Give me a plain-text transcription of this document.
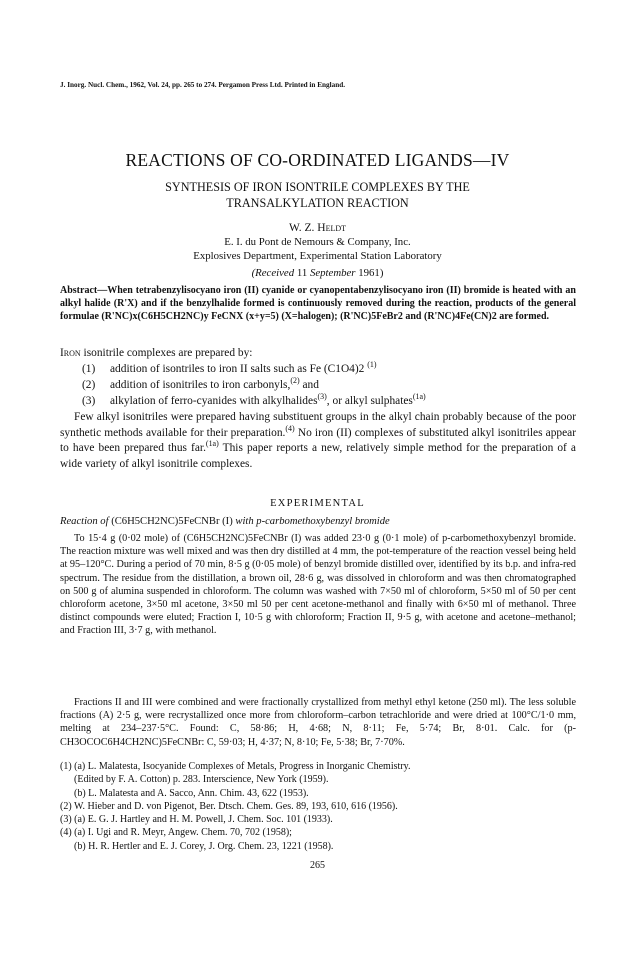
J. Inorg. Nucl. Chem., 1962, Vol. 24, pp. 265 to 274. Pergamon Press Ltd. Printed in England.
REACTIONS OF CO-ORDINATED LIGANDS—IV
SYNTHESIS OF IRON ISONTRILE COMPLEXES BY THE
TRANSALKYLATION REACTION
W. Z. Heldt
E. I. du Pont de Nemours & Company, Inc.
Explosives Department, Experimental Station Laboratory
(Received 11 September 1961)

Abstract—When tetrabenzylisocyano iron (II) cyanide or cyanopentabenzylisocyano iron (II) bromide is heated with an alkyl halide (R'X) and if the benzylhalide formed is continuously removed during the reaction, products of the general formulae (R'NC)x(C6H5CH2NC)y FeCNX (x+y=5) (X=halogen); (R'NC)5FeBr2 and (R'NC)4Fe(CN)2 are formed.

Iron isonitrile complexes are prepared by:

(1) addition of isontriles to iron II salts such as Fe (C1O4)2 $^{(1)}$
(2) addition of isonitriles to iron carbonyls,$^{(2)}$ and
(3) alkylation of ferro-cyanides with alkylhalides$^{(3)}$, or alkyl sulphates$^{(1a)}$

Few alkyl isonitriles were prepared having substituent groups in the alkyl chain probably because of the poor synthetic methods available for their preparation.$^{(4)}$ No iron (II) complexes of substituted alkyl isonitriles appear to have been prepared thus far.$^{(1a)}$ This paper reports a new, relatively simple method for the preparation of a wide variety of alkyl isonitrile complexes.

EXPERIMENTAL
Reaction of (C6H5CH2NC)5FeCNBr (I) with p-carbomethoxybenzyl bromide

To 15·4 g (0·02 mole) of (C6H5CH2NC)5FeCNBr (I) was added 23·0 g (0·1 mole) of p-carbomethoxybenzyl bromide. The reaction mixture was well mixed and was then dry distilled at 4 mm, the pot-temperature of the reaction vessel being held at 95–120°C. During a period of 70 min, 8·5 g (0·05 mole) of benzyl bromide distilled over, identified by its b.p. and infra-red spectrum. The residue from the distillation, a brown oil, 28·6 g, was dissolved in chloroform and was then chromatographed on 500 g of alumina suspended in chloroform. The column was washed with 7×50 ml of chloroform, 5×50 ml of 50 per cent chloroform acetone, 3×50 ml acetone, 3×50 ml 50 per cent acetone-methanol and finally with 6×50 ml of methanol. Three distinct compounds were eluted; Fraction I, 10·5 g with chloroform; Fraction II, 9·5 g, with acetone and acetone–methanol; and Fraction III, 3·7 g, with methanol.

Fractions II and III were combined and were fractionally crystallized from methyl ethyl ketone (250 ml). The less soluble fractions (A) 2·5 g, were recrystallized once more from chloroform–carbon tetrachloride and were dried at 100°C/1·0 mm, melting at 234–237·5°C. Found: C, 58·86; H, 4·68; N, 8·11; Fe, 5·74; Br, 8·01. Calc. for (p-CH3OCOC6H4CH2NC)5FeCNBr: C, 59·03; H, 4·37; N, 8·10; Fe, 5·38; Br, 7·70%.

(1) (a) L. Malatesta, Isocyanide Complexes of Metals, Progress in Inorganic Chemistry.
(Edited by F. A. Cotton) p. 283. Interscience, New York (1959).
(b) L. Malatesta and A. Sacco, Ann. Chim. 43, 622 (1953).
(2) W. Hieber and D. von Pigenot, Ber. Dtsch. Chem. Ges. 89, 193, 610, 616 (1956).
(3) (a) E. G. J. Hartley and H. M. Powell, J. Chem. Soc. 101 (1933).
(4) (a) I. Ugi and R. Meyr, Angew. Chem. 70, 702 (1958);
(b) H. R. Hertler and E. J. Corey, J. Org. Chem. 23, 1221 (1958).
265
